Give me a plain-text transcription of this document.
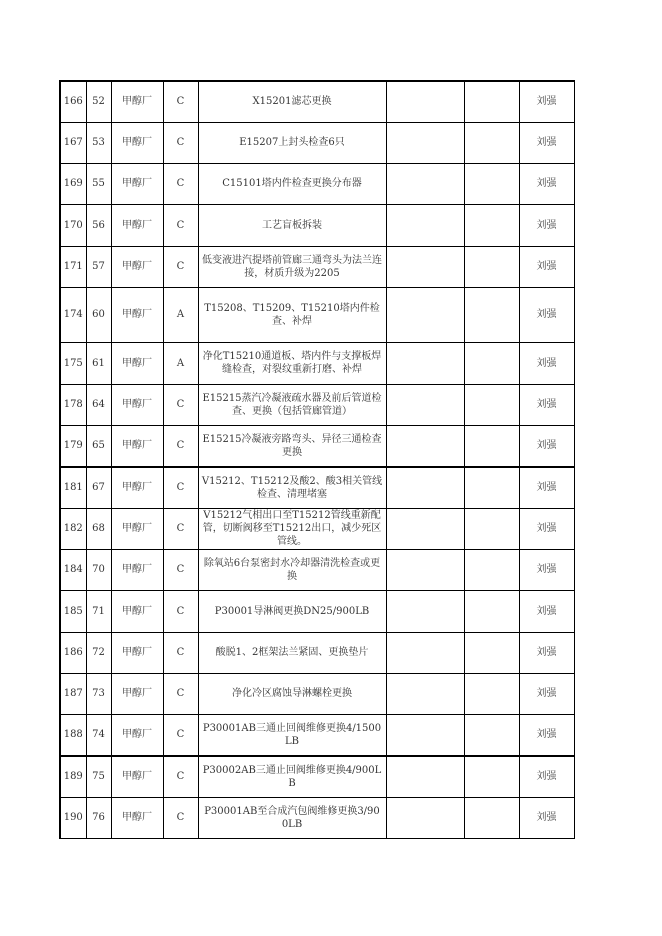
166	52	甲醇厂	C	X15201滤芯更换			刘强
167	53	甲醇厂	C	E15207上封头检查6只			刘强
169	55	甲醇厂	C	C15101塔内件检查更换分布器			刘强
170	56	甲醇厂	C	工艺盲板拆装			刘强
171	57	甲醇厂	C	低变液进汽提塔前管廊三通弯头为法兰连接，材质升级为2205			刘强
174	60	甲醇厂	A	T15208、T15209、T15210塔内件检查、补焊			刘强
175	61	甲醇厂	A	净化T15210通道板、塔内件与支撑板焊缝检查，对裂纹重新打磨、补焊			刘强
178	64	甲醇厂	C	E15215蒸汽冷凝液疏水器及前后管道检查、更换（包括管廊管道）			刘强
179	65	甲醇厂	C	E15215冷凝液旁路弯头、异径三通检查更换			刘强
181	67	甲醇厂	C	V15212、T15212及酸2、酸3相关管线检查、清理堵塞			刘强
182	68	甲醇厂	C	V15212气相出口至T15212管线重新配管，切断阀移至T15212出口，减少死区管线。			刘强
184	70	甲醇厂	C	除氧站6台泵密封水冷却器清洗检查或更换			刘强
185	71	甲醇厂	C	P30001导淋阀更换DN25/900LB			刘强
186	72	甲醇厂	C	酸脱1、2框架法兰紧固、更换垫片			刘强
187	73	甲醇厂	C	净化冷区腐蚀导淋螺栓更换			刘强
188	74	甲醇厂	C	P30001AB三通止回阀维修更换4/1500LB			刘强
189	75	甲醇厂	C	P30002AB三通止回阀维修更换4/900LB			刘强
190	76	甲醇厂	C	P30001AB至合成汽包阀维修更换3/900LB			刘强
